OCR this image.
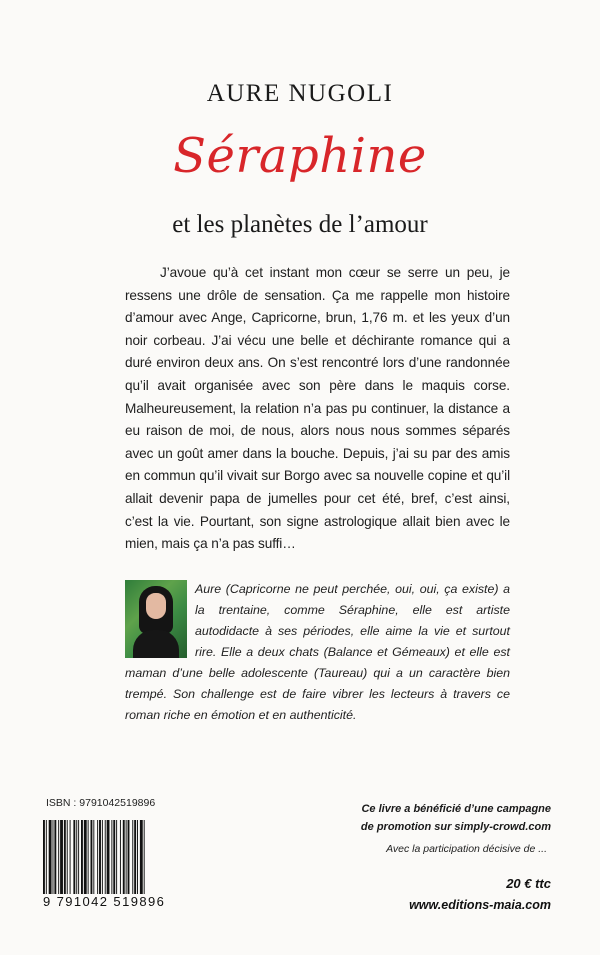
AURE NUGOLI
Séraphine
et les planètes de l’amour

J’avoue qu’à cet instant mon cœur se serre un peu, je ressens une drôle de sensation. Ça me rappelle mon histoire d’amour avec Ange, Capricorne, brun, 1,76 m. et les yeux d’un noir corbeau. J’ai vécu une belle et déchirante romance qui a duré environ deux ans. On s’est rencontré lors d’une randonnée qu’il avait organisée avec son père dans le maquis corse. Malheureusement, la relation n’a pas pu continuer, la distance a eu raison de moi, de nous, alors nous nous sommes séparés avec un goût amer dans la bouche. Depuis, j’ai su par des amis en commun qu’il vivait sur Borgo avec sa nouvelle copine et qu’il allait devenir papa de jumelles pour cet été, bref, c’est ainsi, c’est la vie. Pourtant, son signe astrologique allait bien avec le mien, mais ça n’a pas suffi…

Aure (Capricorne ne peut perchée, oui, oui, ça existe) a la trentaine, comme Séraphine, elle est artiste autodidacte à ses périodes, elle aime la vie et surtout rire. Elle a deux chats (Balance et Gémeaux) et elle est maman d’une belle adolescente (Taureau) qui a un caractère bien trempé. Son challenge est de faire vibrer les lecteurs à travers ce roman riche en émotion et en authenticité.
ISBN : 9791042519896
9 791042 519896
Ce livre a bénéficié d’une campagne
de promotion sur simply-crowd.com
Avec la participation décisive de ...
20 € ttc
www.editions-maia.com
